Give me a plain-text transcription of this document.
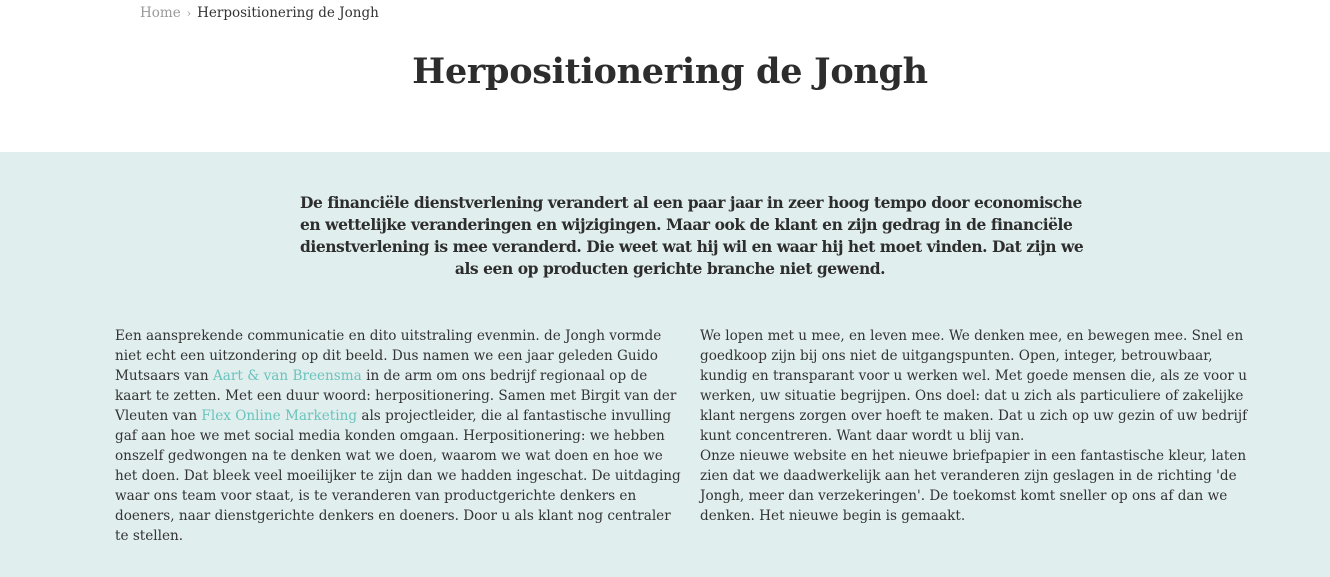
Home › Herpositionering de Jongh
Herpositionering de Jongh

De financiële dienstverlening verandert al een paar jaar in zeer hoog tempo door economische
en wettelijke veranderingen en wijzigingen. Maar ook de klant en zijn gedrag in de financiële
dienstverlening is mee veranderd. Die weet wat hij wil en waar hij het moet vinden. Dat zijn we
als een op producten gerichte branche niet gewend.

Een aansprekende communicatie en dito uitstraling evenmin. de Jongh vormde
niet echt een uitzondering op dit beeld. Dus namen we een jaar geleden Guido
Mutsaars van Aart & van Breensma in de arm om ons bedrijf regionaal op de
kaart te zetten. Met een duur woord: herpositionering. Samen met Birgit van der
Vleuten van Flex Online Marketing als projectleider, die al fantastische invulling
gaf aan hoe we met social media konden omgaan. Herpositionering: we hebben
onszelf gedwongen na te denken wat we doen, waarom we wat doen en hoe we
het doen. Dat bleek veel moeilijker te zijn dan we hadden ingeschat. De uitdaging
waar ons team voor staat, is te veranderen van productgerichte denkers en
doeners, naar dienstgerichte denkers en doeners. Door u als klant nog centraler
te stellen.

We lopen met u mee, en leven mee. We denken mee, en bewegen mee. Snel en
goedkoop zijn bij ons niet de uitgangspunten. Open, integer, betrouwbaar,
kundig en transparant voor u werken wel. Met goede mensen die, als ze voor u
werken, uw situatie begrijpen. Ons doel: dat u zich als particuliere of zakelijke
klant nergens zorgen over hoeft te maken. Dat u zich op uw gezin of uw bedrijf
kunt concentreren. Want daar wordt u blij van.
Onze nieuwe website en het nieuwe briefpapier in een fantastische kleur, laten
zien dat we daadwerkelijk aan het veranderen zijn geslagen in de richting 'de
Jongh, meer dan verzekeringen'. De toekomst komt sneller op ons af dan we
denken. Het nieuwe begin is gemaakt.
